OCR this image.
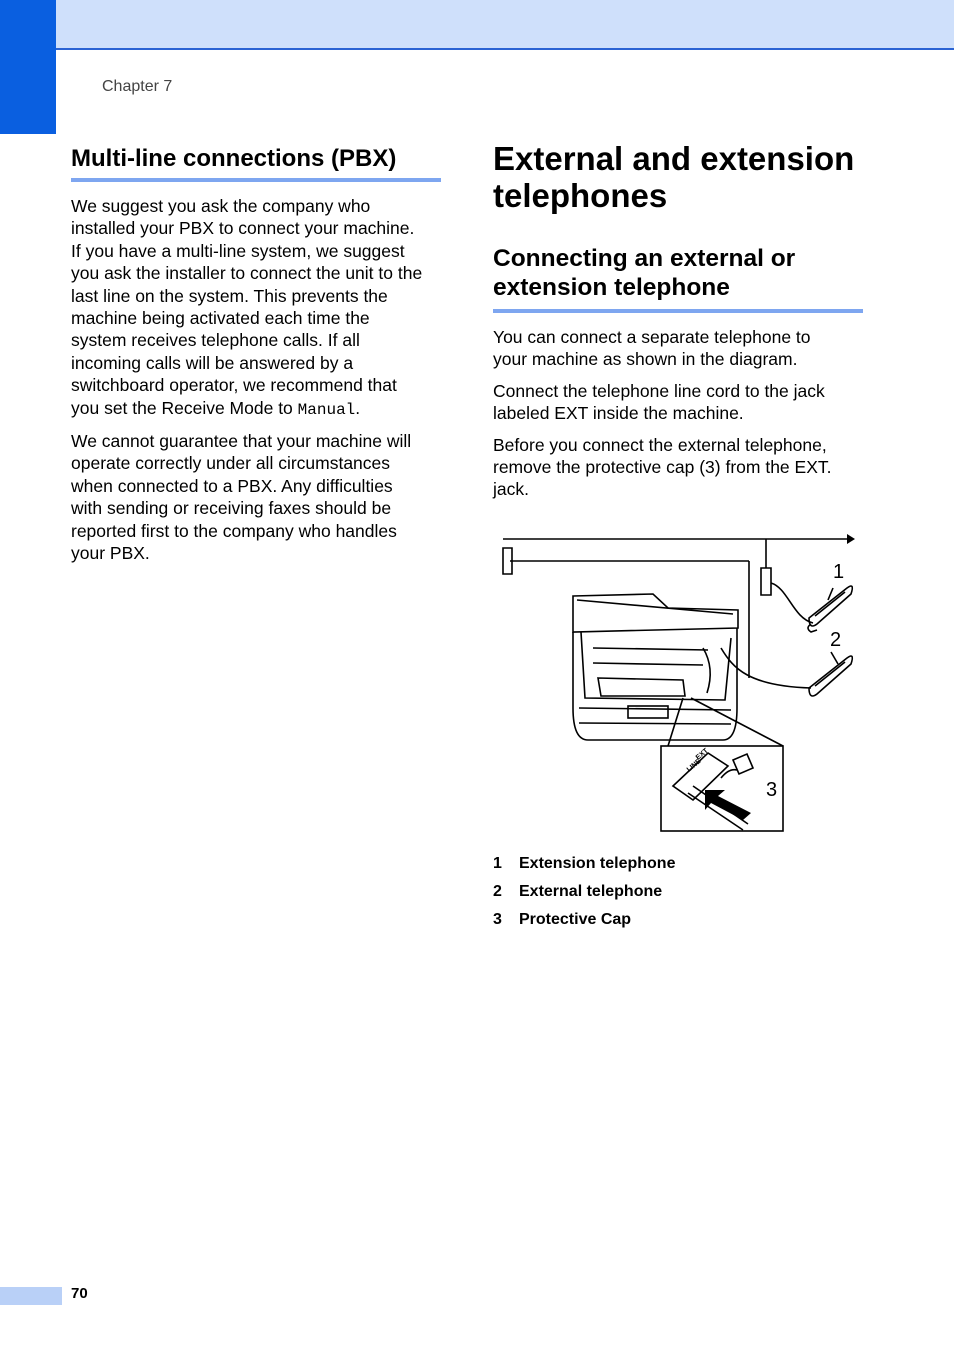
Chapter 7
Multi-line connections (PBX)

We suggest you ask the company who
installed your PBX to connect your machine.
If you have a multi-line system, we suggest
you ask the installer to connect the unit to the
last line on the system. This prevents the
machine being activated each time the
system receives telephone calls. If all
incoming calls will be answered by a
switchboard operator, we recommend that
you set the Receive Mode to Manual.

We cannot guarantee that your machine will
operate correctly under all circumstances
when connected to a PBX. Any difficulties
with sending or receiving faxes should be
reported first to the company who handles
your PBX.

External and extension
telephones
Connecting an external or
extension telephone

You can connect a separate telephone to
your machine as shown in the diagram.

Connect the telephone line cord to the jack
labeled EXT inside the machine.

Before you connect the external telephone,
remove the protective cap (3) from the EXT.
jack.

1
2
3
EXT
LINE
1	Extension telephone
2	External telephone
3	Protective Cap
70
